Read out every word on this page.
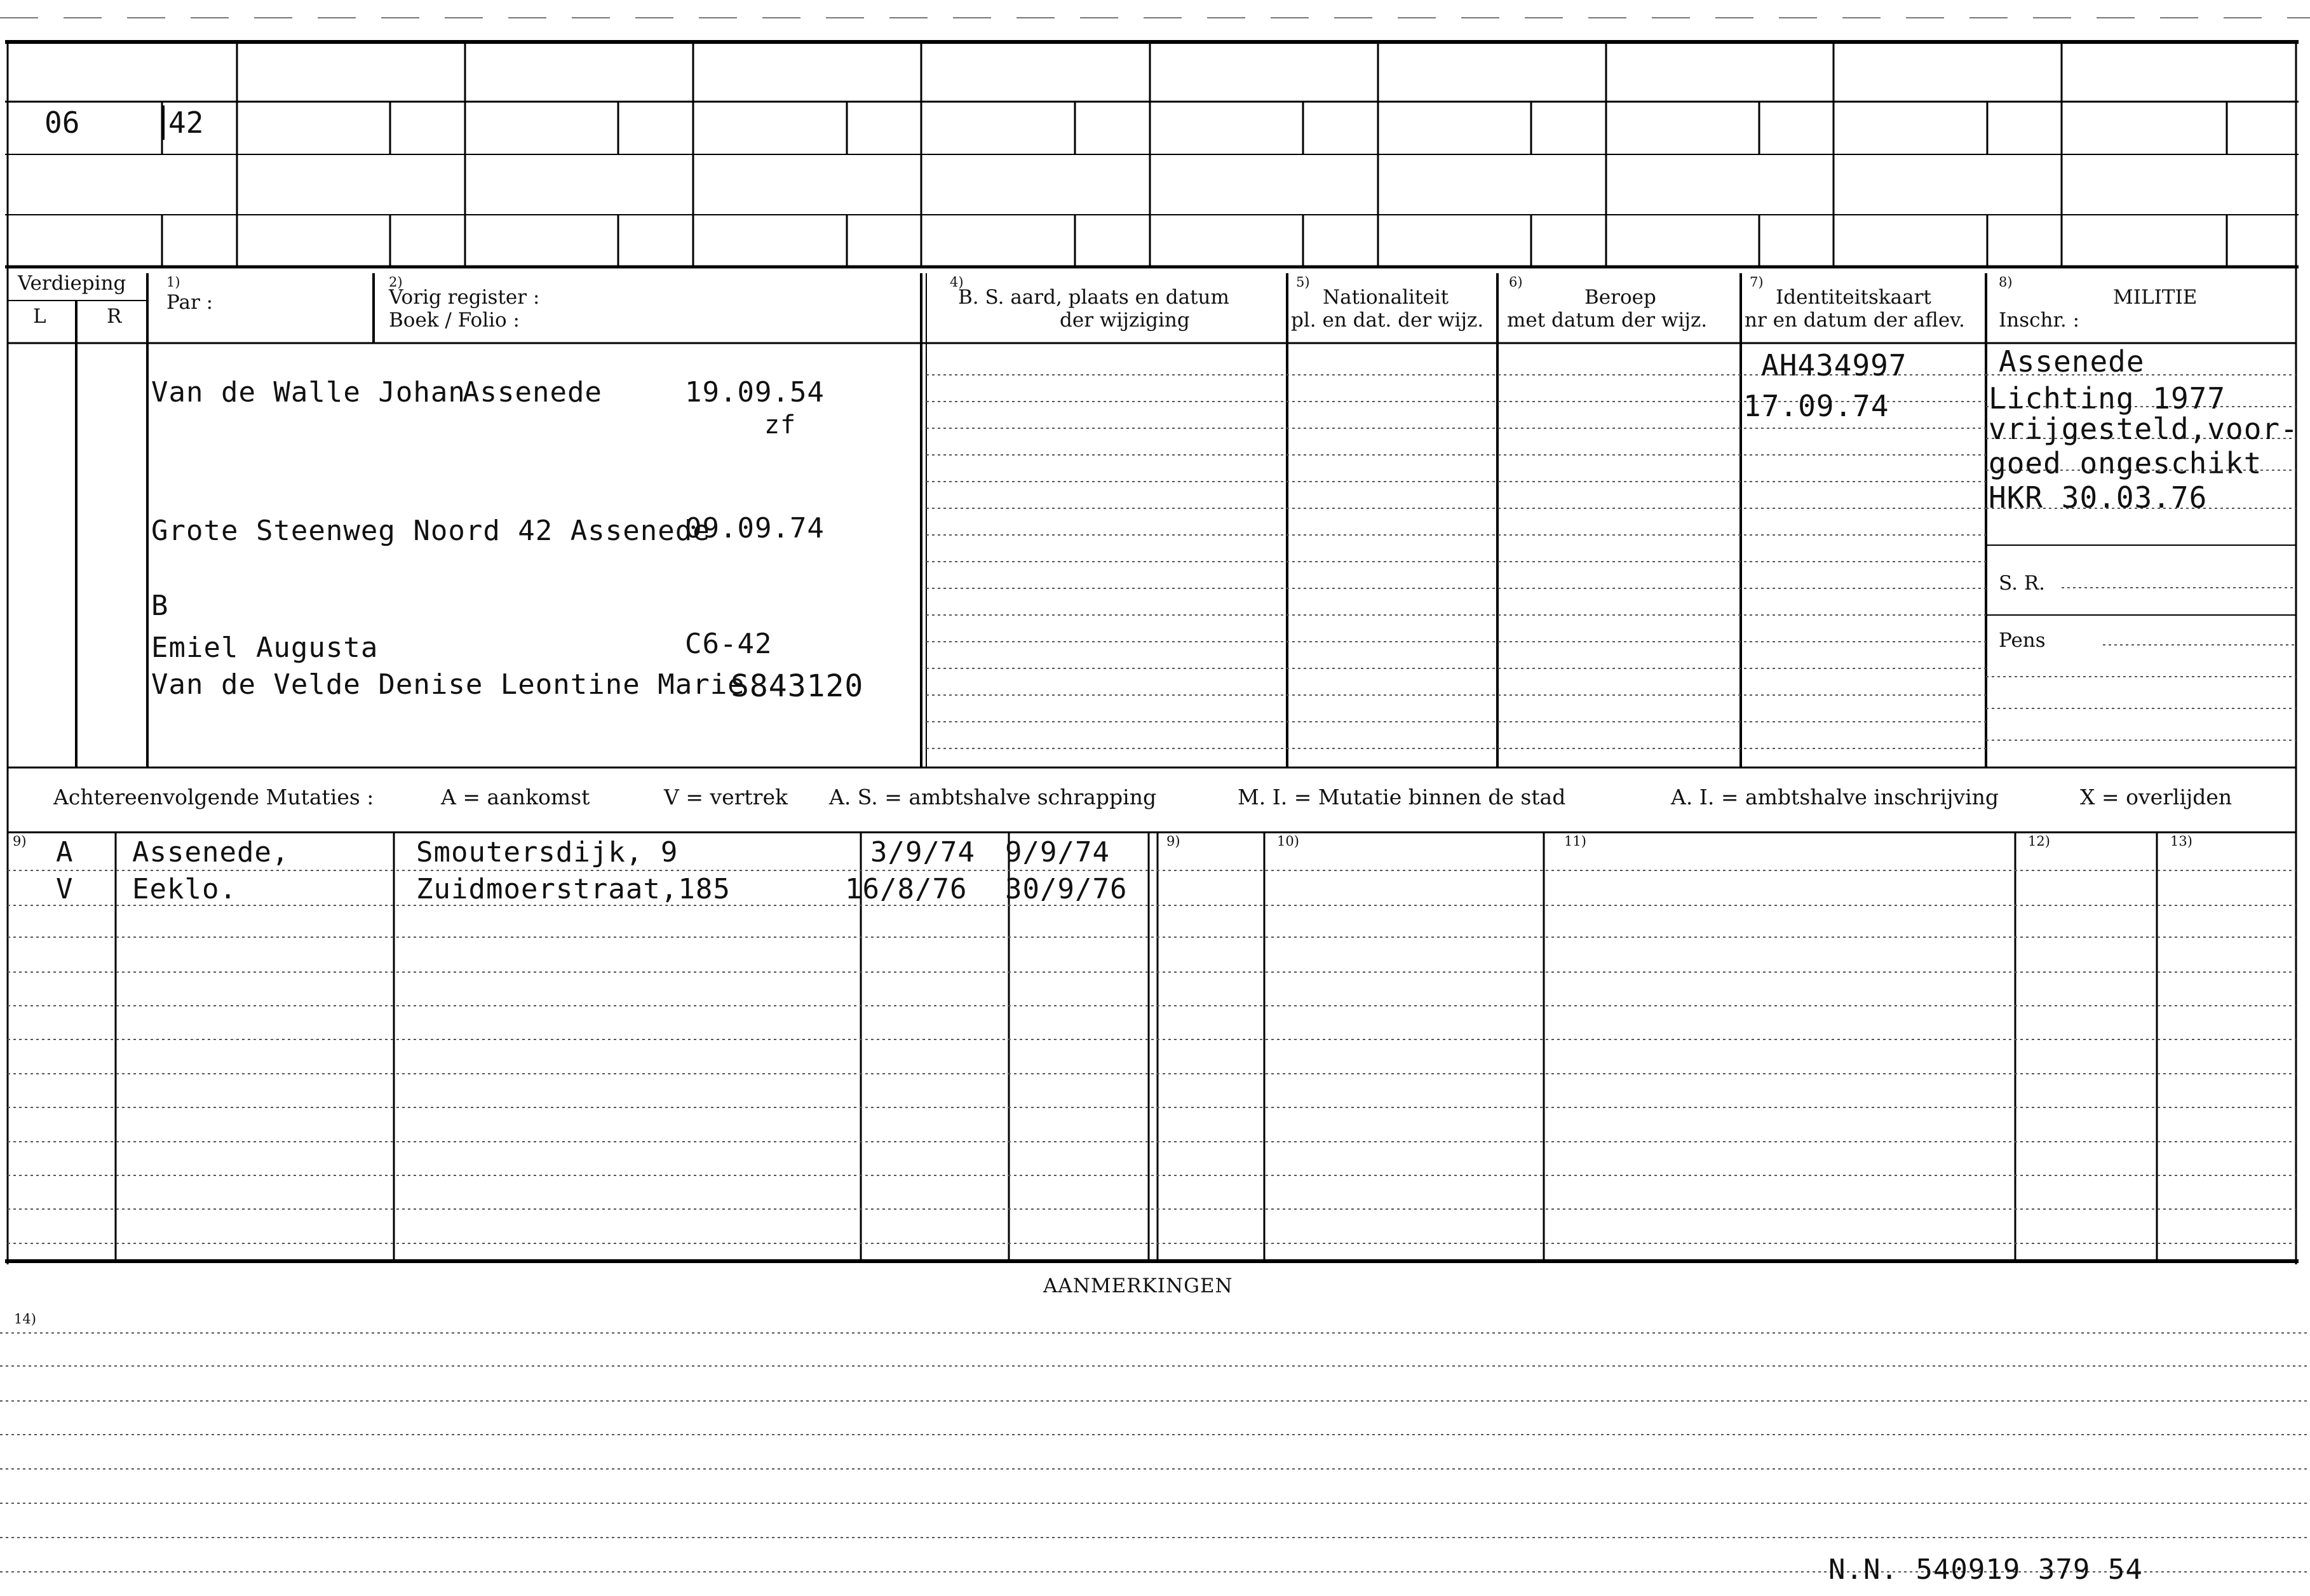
06	42
Verdieping
L	R
1)
Par :
2)
Vorig register :
Boek / Folio :
4)
B. S. aard, plaats en datum
der wijziging
5)
Nationaliteit
pl. en dat. der wijz.
6)
Beroep
met datum der wijz.
7)
Identiteitskaart
nr en datum der aflev.
8)
MILITIE
Inschr. :
Van de Walle Johan
Assenede	19.09.54
zf
Grote Steenweg Noord 42 Assenede
09.09.74
B
Emiel Augusta	C6-42
Van de Velde Denise Leontine Marie
S843120
AH434997
17.09.74
Assenede
Lichting 1977
vrijgesteld,voor-
goed ongeschikt
HKR 30.03.76
S. R.
Pens
Achtereenvolgende Mutaties :	A = aankomst	V = vertrek A. S. = ambtshalve schrapping	M. I. = Mutatie binnen de stad	A. I. = ambtshalve inschrijving	X = overlijden
9)	9)	10)	11)	12)	13)
A Assenede,	Smoutersdijk, 9	3/9/74 9/9/74
V Eeklo.	Zuidmoerstraat,185	16/8/76 30/9/76
AANMERKINGEN
14)
N.N. 540919 379 54
